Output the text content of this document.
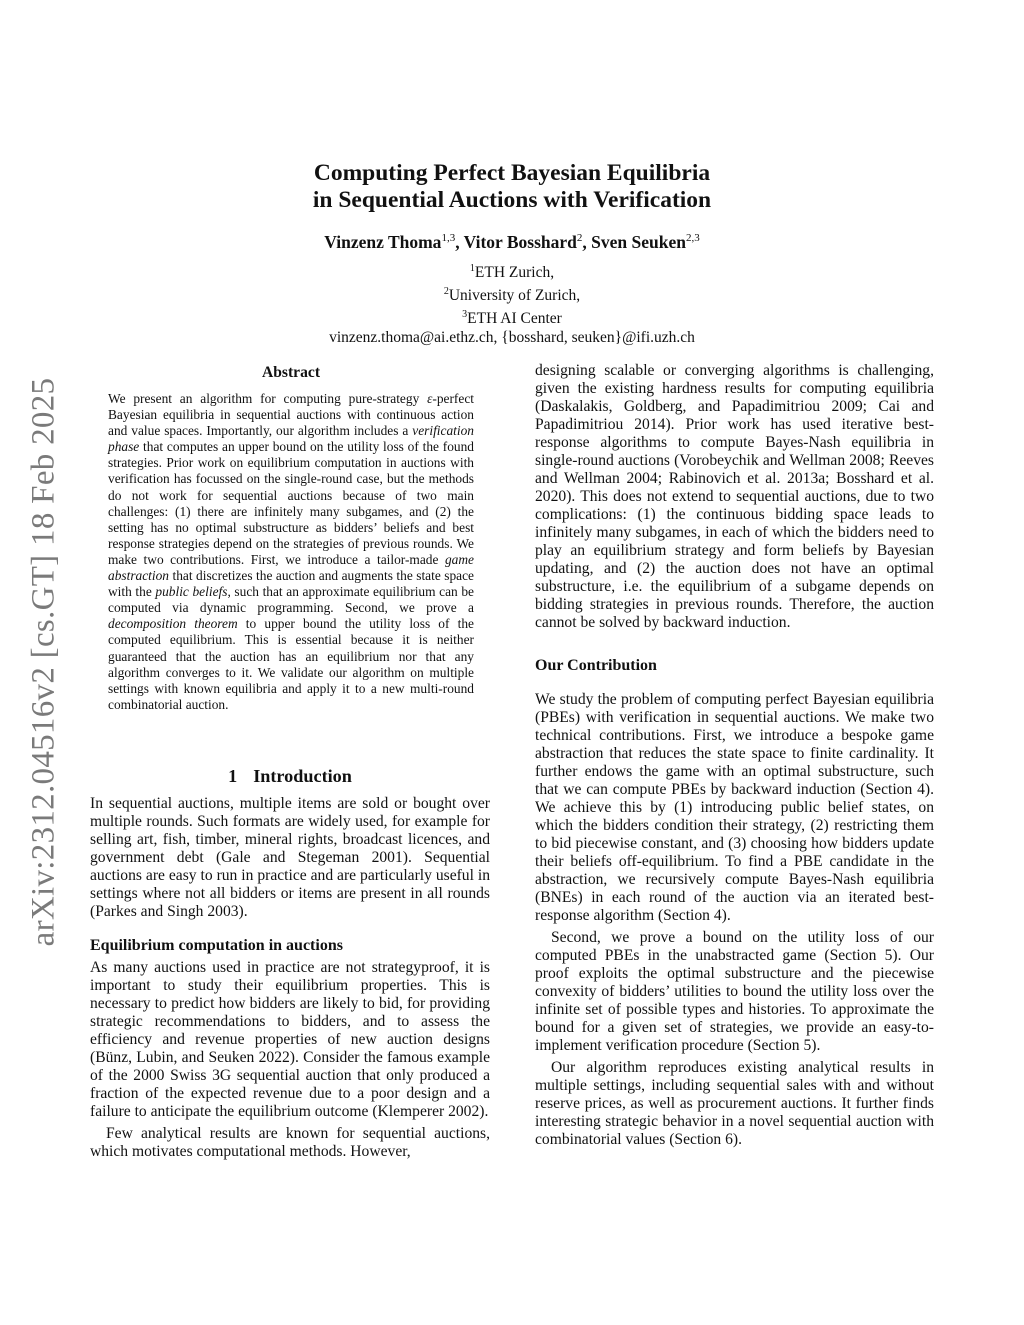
arXiv:2312.04516v2 [cs.GT] 18 Feb 2025
Computing Perfect Bayesian Equilibria
in Sequential Auctions with Verification
Vinzenz Thoma$^{1,3}$, Vitor Bosshard$^2$, Sven Seuken$^{2,3}$
$^1$ETH Zurich,
$^2$University of Zurich,
$^3$ETH AI Center
vinzenz.thoma@ai.ethz.ch, {bosshard, seuken}@ifi.uzh.ch
Abstract

We present an algorithm for computing pure-strategy ε-perfect Bayesian equilibria in sequential auctions with continuous action and value spaces. Importantly, our algorithm includes a verification phase that computes an upper bound on the utility loss of the found strategies. Prior work on equilibrium computation in auctions with verification has focussed on the single-round case, but the methods do not work for sequential auctions because of two main challenges: (1) there are infinitely many subgames, and (2) the setting has no optimal substructure as bidders’ beliefs and best response strategies depend on the strategies of previous rounds. We make two contributions. First, we introduce a tailor-made game abstraction that discretizes the auction and augments the state space with the public beliefs, such that an approximate equilibrium can be computed via dynamic programming. Second, we prove a decomposition theorem to upper bound the utility loss of the computed equilibrium. This is essential because it is neither guaranteed that the auction has an equilibrium nor that any algorithm converges to it. We validate our algorithm on multiple settings with known equilibria and apply it to a new multi-round combinatorial auction.

1 Introduction

In sequential auctions, multiple items are sold or bought over multiple rounds. Such formats are widely used, for example for selling art, fish, timber, mineral rights, broadcast licences, and government debt (Gale and Stegeman 2001). Sequential auctions are easy to run in practice and are particularly useful in settings where not all bidders or items are present in all rounds (Parkes and Singh 2003).

Equilibrium computation in auctions

As many auctions used in practice are not strategyproof, it is important to study their equilibrium properties. This is necessary to predict how bidders are likely to bid, for providing strategic recommendations to bidders, and to assess the efficiency and revenue properties of new auction designs (Bünz, Lubin, and Seuken 2022). Consider the famous example of the 2000 Swiss 3G sequential auction that only produced a fraction of the expected revenue due to a poor design and a failure to anticipate the equilibrium outcome (Klemperer 2002).

Few analytical results are known for sequential auctions, which motivates computational methods. However,

designing scalable or converging algorithms is challenging, given the existing hardness results for computing equilibria (Daskalakis, Goldberg, and Papadimitriou 2009; Cai and Papadimitriou 2014). Prior work has used iterative best-response algorithms to compute Bayes-Nash equilibria in single-round auctions (Vorobeychik and Wellman 2008; Reeves and Wellman 2004; Rabinovich et al. 2013a; Bosshard et al. 2020). This does not extend to sequential auctions, due to two complications: (1) the continuous bidding space leads to infinitely many subgames, in each of which the bidders need to play an equilibrium strategy and form beliefs by Bayesian updating, and (2) the auction does not have an optimal substructure, i.e. the equilibrium of a subgame depends on bidding strategies in previous rounds. Therefore, the auction cannot be solved by backward induction.

Our Contribution

We study the problem of computing perfect Bayesian equilibria (PBEs) with verification in sequential auctions. We make two technical contributions. First, we introduce a bespoke game abstraction that reduces the state space to finite cardinality. It further endows the game with an optimal substructure, such that we can compute PBEs by backward induction (Section 4). We achieve this by (1) introducing public belief states, on which the bidders condition their strategy, (2) restricting them to bid piecewise constant, and (3) choosing how bidders update their beliefs off-equilibrium. To find a PBE candidate in the abstraction, we recursively compute Bayes-Nash equilibria (BNEs) in each round of the auction via an iterated best-response algorithm (Section 4).

Second, we prove a bound on the utility loss of our computed PBEs in the unabstracted game (Section 5). Our proof exploits the optimal substructure and the piecewise convexity of bidders’ utilities to bound the utility loss over the infinite set of possible types and histories. To approximate the bound for a given set of strategies, we provide an easy-to-implement verification procedure (Section 5).

Our algorithm reproduces existing analytical results in multiple settings, including sequential sales with and without reserve prices, as well as procurement auctions. It further finds interesting strategic behavior in a novel sequential auction with combinatorial values (Section 6).
